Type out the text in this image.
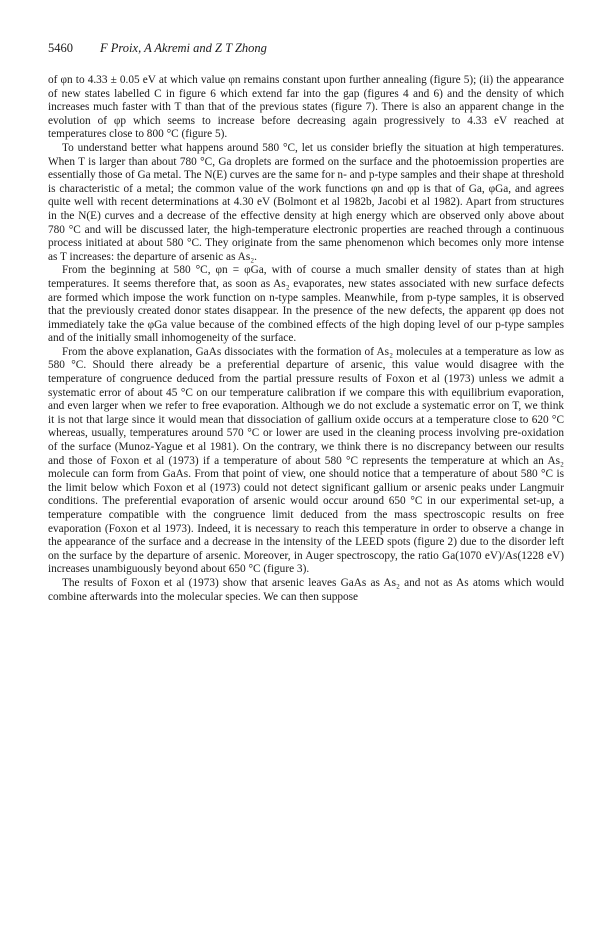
5460 F Proix, A Akremi and Z T Zhong

of φn to 4.33 ± 0.05 eV at which value φn remains constant upon further annealing (figure 5); (ii) the appearance of new states labelled C in figure 6 which extend far into the gap (figures 4 and 6) and the density of which increases much faster with T than that of the previous states (figure 7). There is also an apparent change in the evolution of φp which seems to increase before decreasing again progressively to 4.33 eV reached at temperatures close to 800 °C (figure 5).

To understand better what happens around 580 °C, let us consider briefly the situation at high temperatures. When T is larger than about 780 °C, Ga droplets are formed on the surface and the photoemission properties are essentially those of Ga metal. The N(E) curves are the same for n- and p-type samples and their shape at threshold is characteristic of a metal; the common value of the work functions φn and φp is that of Ga, φGa, and agrees quite well with recent determinations at 4.30 eV (Bolmont et al 1982b, Jacobi et al 1982). Apart from structures in the N(E) curves and a decrease of the effective density at high energy which are observed only above about 780 °C and will be discussed later, the high-temperature electronic properties are reached through a continuous process initiated at about 580 °C. They originate from the same phenomenon which becomes only more intense as T increases: the departure of arsenic as As₂.

From the beginning at 580 °C, φn = φGa, with of course a much smaller density of states than at high temperatures. It seems therefore that, as soon as As₂ evaporates, new states associated with new surface defects are formed which impose the work function on n-type samples. Meanwhile, from p-type samples, it is observed that the previously created donor states disappear. In the presence of the new defects, the apparent φp does not immediately take the φGa value because of the combined effects of the high doping level of our p-type samples and of the initially small inhomogeneity of the surface.

From the above explanation, GaAs dissociates with the formation of As₂ molecules at a temperature as low as 580 °C. Should there already be a preferential departure of arsenic, this value would disagree with the temperature of congruence deduced from the partial pressure results of Foxon et al (1973) unless we admit a systematic error of about 45 °C on our temperature calibration if we compare this with equilibrium evaporation, and even larger when we refer to free evaporation. Although we do not exclude a systematic error on T, we think it is not that large since it would mean that dissociation of gallium oxide occurs at a temperature close to 620 °C whereas, usually, temperatures around 570 °C or lower are used in the cleaning process involving pre-oxidation of the surface (Munoz-Yague et al 1981). On the contrary, we think there is no discrepancy between our results and those of Foxon et al (1973) if a temperature of about 580 °C represents the temperature at which an As₂ molecule can form from GaAs. From that point of view, one should notice that a temperature of about 580 °C is the limit below which Foxon et al (1973) could not detect significant gallium or arsenic peaks under Langmuir conditions. The preferential evaporation of arsenic would occur around 650 °C in our experimental set-up, a temperature compatible with the congruence limit deduced from the mass spectroscopic results on free evaporation (Foxon et al 1973). Indeed, it is necessary to reach this temperature in order to observe a change in the appearance of the surface and a decrease in the intensity of the LEED spots (figure 2) due to the disorder left on the surface by the departure of arsenic. Moreover, in Auger spectroscopy, the ratio Ga(1070 eV)/As(1228 eV) increases unambiguously beyond about 650 °C (figure 3).

The results of Foxon et al (1973) show that arsenic leaves GaAs as As₂ and not as As atoms which would combine afterwards into the molecular species. We can then suppose
